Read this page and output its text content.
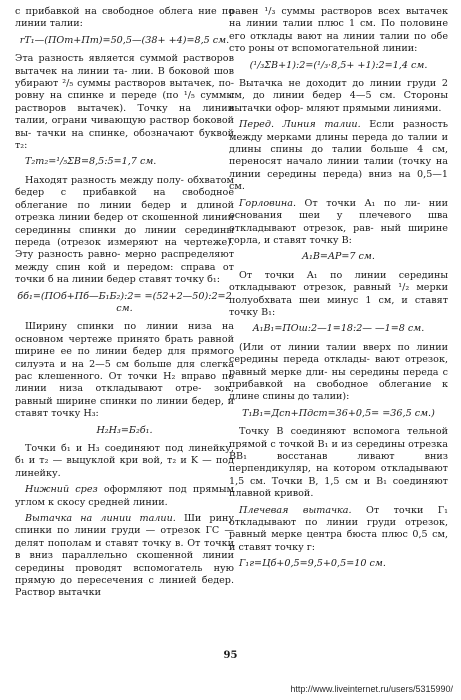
с прибавкой на свободное облега ние по линии талии:

rT₁—(ПОт+Пт)=50,5—(38+ +4)=8,5 см.

Эта разность является суммой растворов вытачек на линии та- лии. В боковой шов убирают ²/₅ суммы растворов вытачек, по- ровну на спинке и переде (по ¹/₅ суммы растворов вытачек). Точку на линии талии, ограни чивающую раствор боковой вы- тачки на спинке, обозначают буквой т₂:

T₂т₂=¹/₅ΣB=8,5:5=1,7 см.

Находят разность между полу- обхватом бедер с прибавкой на свободное облегание по линии бедер и длиной отрезка линии бедер от скошенной линии серединны спинки до линии середины переда (отрезок измеряют на чертеже). Эту разность равно- мерно распределяют между спин кой и передом: справа от точки б на линии бедер ставят точку б₁:

бб₁=(ПОб+Пб—Б₁Б₂):2= =(52+2—50):2=2 см.

Ширину спинки по линии низа на основном чертеже принято брать равной ширине ее по линии бедер для прямого силуэта и на 2—5 см больше для слегка рас клешенного. От точки H₂ вправо по линии низа откладывают отре- зок, равный ширине спинки по линии бедер, и ставят точку H₃:

H₂H₃=Б₂б₁.

Точки б₁ и H₃ соединяют под линейку, б₁ и т₂ — выцуклой кри вой, т₂ и K — под линейку.

Нижний срез оформляют под прямым углом к скосу средней линии.

Вытачка на линии талии. Ши рину спинки по линии груди — отрезок ГС — делят пополам и ставят точку в. От точки в вниз параллельно скошенной линии середины проводят вспомогатель ную прямую до пересечения с линией бедер. Раствор вытачки

равен ¹/₃ суммы растворов всех вытачек на линии талии плюс 1 см. По половине его отклады вают на линии талии по обе сто роны от вспомогательной линии:

(¹/₃ΣB+1):2=(¹/₃·8,5+ +1):2=1,4 см.

Вытачка не доходит до линии груди 2 см, до линии бедер 4—5 см. Стороны вытачки офор- мляют прямыми линиями.

Перед. Линия талии. Если разность между мерками длины переда до талии и длины спины до талии больше 4 см, переносят начало линии талии (точку на линии середины переда) вниз на 0,5—1 см.

Горловина. От точки A₁ по ли- нии основания шеи у плечевого шва откладывают отрезок, рав- ный ширине горла, и ставят точку B:

A₁B=AP=7 см.

От точки A₁ по линии середины откладывают отрезок, равный ¹/₂ мерки полуобхвата шеи минус 1 см, и ставят точку B₁:

A₁B₁=ПОш:2—1=18:2— —1=8 см.

(Или от линии талии вверх по линии середины переда отклады- вают отрезок, равный мерке дли- ны середины переда с прибавкой на свободное облегание к длине спины до талии):

T₁B₁=Дсп+Пдст=36+0,5= =36,5 см.)

Точку B соединяют вспомога тельной прямой с точкой B₁ и из середины отрезка BB₁ восстанав ливают вниз перпендикуляр, на котором откладывают 1,5 см. Точки B, 1,5 см и B₁ соединяют плавной кривой.

Плечевая вытачка. От точки Г₁ откладывают по линии груди отрезок, равный мерке центра бюста плюс 0,5 см, и ставят точку г:

Г₁г=Цб+0,5=9,5+0,5=10 см.

95
http://www.liveinternet.ru/users/5315990/
